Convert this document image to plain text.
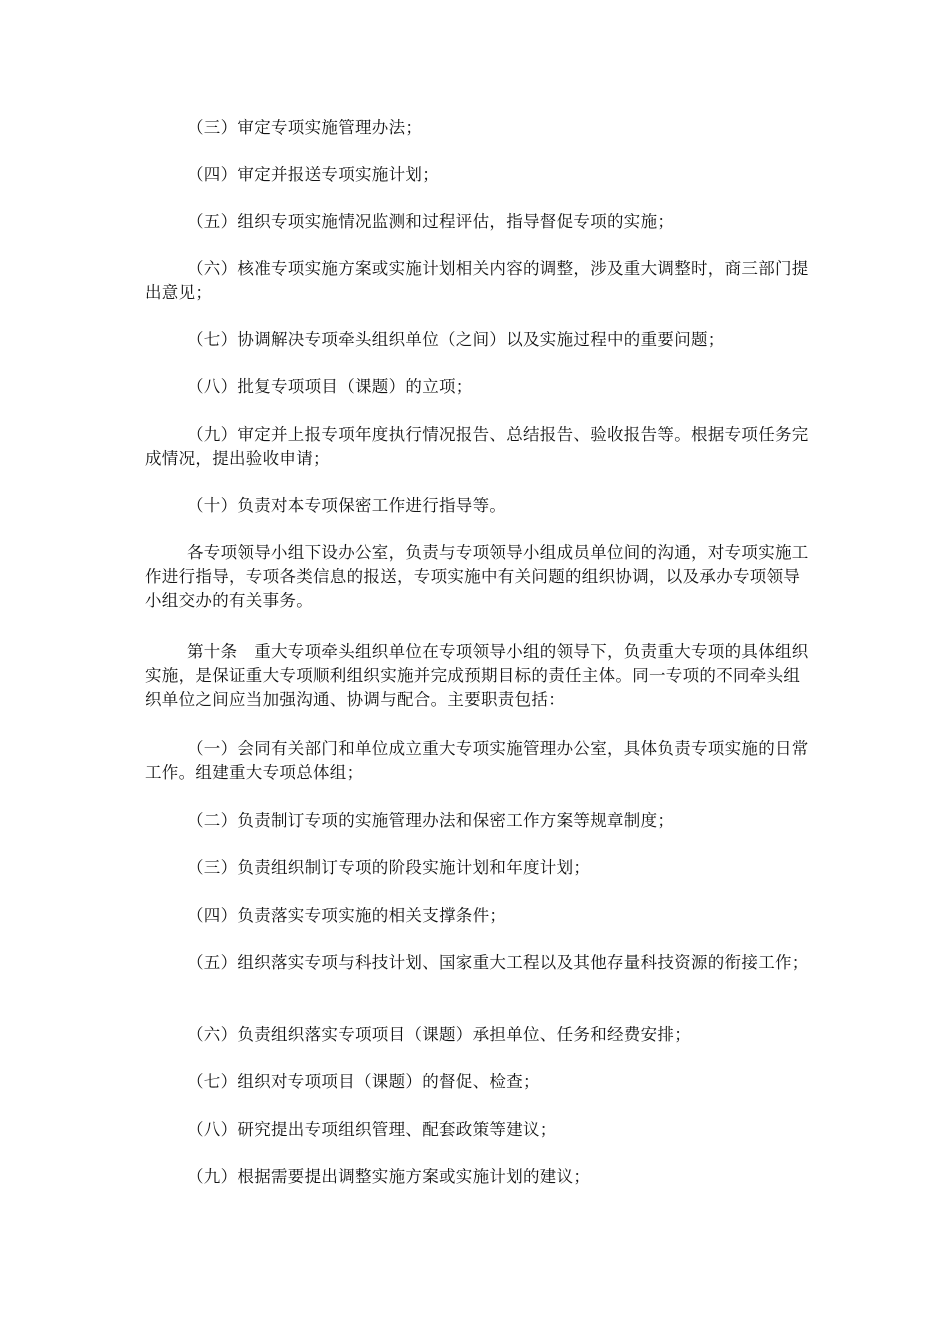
（三）审定专项实施管理办法；

（四）审定并报送专项实施计划；

（五）组织专项实施情况监测和过程评估，指导督促专项的实施；

（六）核准专项实施方案或实施计划相关内容的调整，涉及重大调整时，商三部门提出意见；

（七）协调解决专项牵头组织单位（之间）以及实施过程中的重要问题；

（八）批复专项项目（课题）的立项；

（九）审定并上报专项年度执行情况报告、总结报告、验收报告等。根据专项任务完成情况，提出验收申请；

（十）负责对本专项保密工作进行指导等。

各专项领导小组下设办公室，负责与专项领导小组成员单位间的沟通，对专项实施工作进行指导，专项各类信息的报送，专项实施中有关问题的组织协调，以及承办专项领导小组交办的有关事务。

第十条　重大专项牵头组织单位在专项领导小组的领导下，负责重大专项的具体组织实施，是保证重大专项顺利组织实施并完成预期目标的责任主体。同一专项的不同牵头组织单位之间应当加强沟通、协调与配合。主要职责包括：

（一）会同有关部门和单位成立重大专项实施管理办公室，具体负责专项实施的日常工作。组建重大专项总体组；

（二）负责制订专项的实施管理办法和保密工作方案等规章制度；

（三）负责组织制订专项的阶段实施计划和年度计划；

（四）负责落实专项实施的相关支撑条件；

（五）组织落实专项与科技计划、国家重大工程以及其他存量科技资源的衔接工作；

（六）负责组织落实专项项目（课题）承担单位、任务和经费安排；

（七）组织对专项项目（课题）的督促、检查；

（八）研究提出专项组织管理、配套政策等建议；

（九）根据需要提出调整实施方案或实施计划的建议；
